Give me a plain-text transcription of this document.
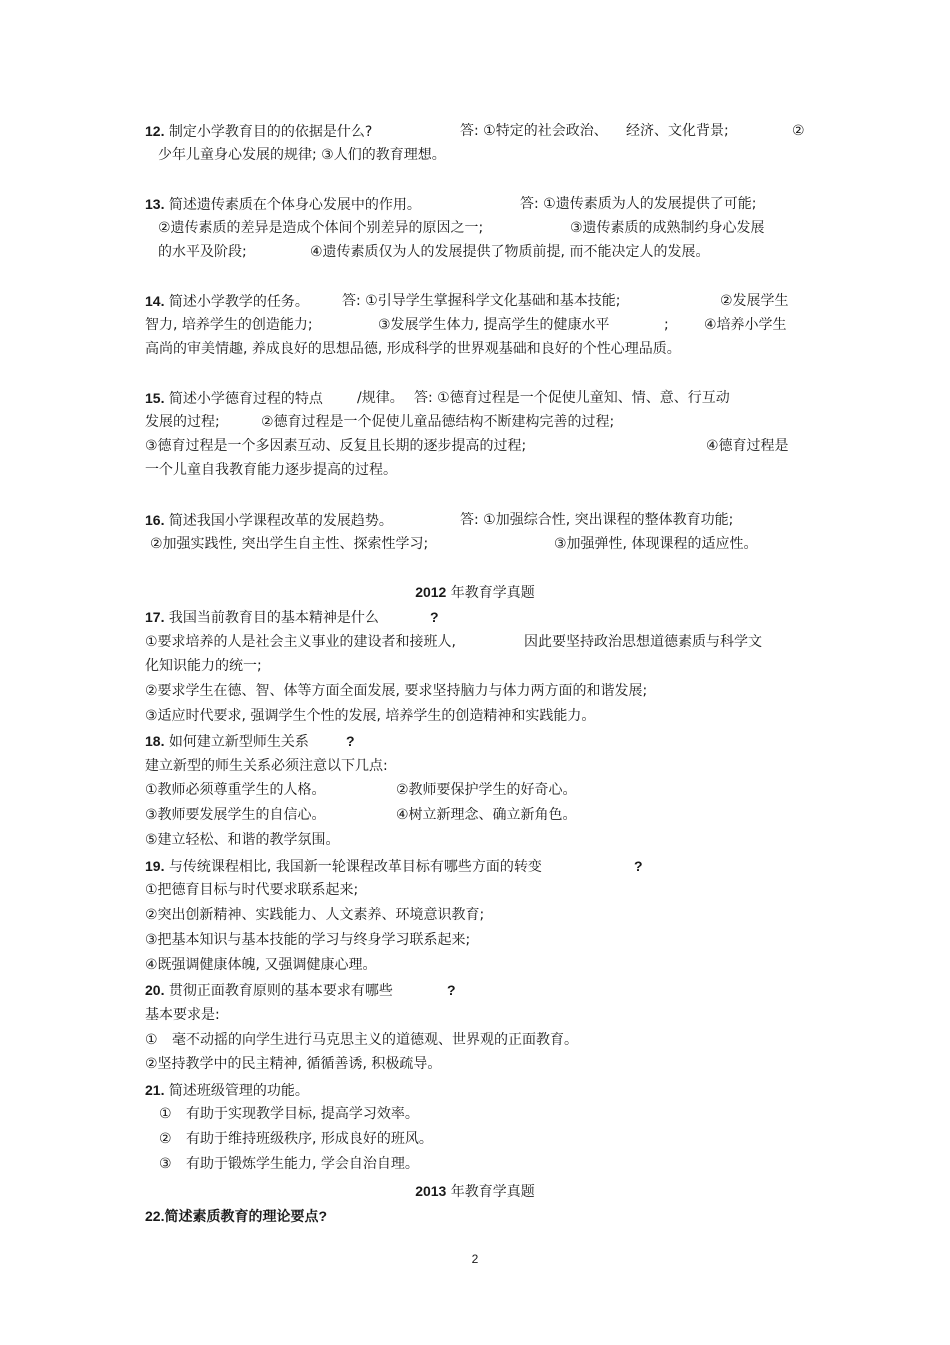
12. 制定小学教育目的的依据是什么?	答: ①特定的社会政治、 经济、文化背景;	②
少年儿童身心发展的规律; ③人们的教育理想。
13. 简述遗传素质在个体身心发展中的作用。	答: ①遗传素质为人的发展提供了可能;
②遗传素质的差异是造成个体间个别差异的原因之一;	③遗传素质的成熟制约身心发展
的水平及阶段;	④遗传素质仅为人的发展提供了物质前提, 而不能决定人的发展。
14. 简述小学教学的任务。 答: ①引导学生掌握科学文化基础和基本技能;	②发展学生
智力, 培养学生的创造能力;	③发展学生体力, 提高学生的健康水平	;	④培养小学生
高尚的审美情趣, 养成良好的思想品德, 形成科学的世界观基础和良好的个性心理品质。
15. 简述小学德育过程的特点 /规律。 答: ①德育过程是一个促使儿童知、情、意、行互动
发展的过程;	②德育过程是一个促使儿童品德结构不断建构完善的过程;
③德育过程是一个多因素互动、反复且长期的逐步提高的过程;	④德育过程是
一个儿童自我教育能力逐步提高的过程。
16. 简述我国小学课程改革的发展趋势。	答: ①加强综合性, 突出课程的整体教育功能;
②加强实践性, 突出学生自主性、探索性学习;	③加强弹性, 体现课程的适应性。
2012 年教育学真题
17. 我国当前教育目的基本精神是什么	?
①要求培养的人是社会主义事业的建设者和接班人,	因此要坚持政治思想道德素质与科学文
化知识能力的统一;
②要求学生在德、智、体等方面全面发展, 要求坚持脑力与体力两方面的和谐发展;
③适应时代要求, 强调学生个性的发展, 培养学生的创造精神和实践能力。
18. 如何建立新型师生关系	?
建立新型的师生关系必须注意以下几点:
①教师必须尊重学生的人格。	②教师要保护学生的好奇心。
③教师要发展学生的自信心。	④树立新理念、确立新角色。
⑤建立轻松、和谐的教学氛围。
19. 与传统课程相比, 我国新一轮课程改革目标有哪些方面的转变	?
①把德育目标与时代要求联系起来;
②突出创新精神、实践能力、人文素养、环境意识教育;
③把基本知识与基本技能的学习与终身学习联系起来;
④既强调健康体魄, 又强调健康心理。
20. 贯彻正面教育原则的基本要求有哪些	?
基本要求是:
① 毫不动摇的向学生进行马克思主义的道德观、世界观的正面教育。
②坚持教学中的民主精神, 循循善诱, 积极疏导。
21. 简述班级管理的功能。
① 有助于实现教学目标, 提高学习效率。
② 有助于维持班级秩序, 形成良好的班风。
③ 有助于锻炼学生能力, 学会自治自理。
2013 年教育学真题
22.简述素质教育的理论要点?
2
